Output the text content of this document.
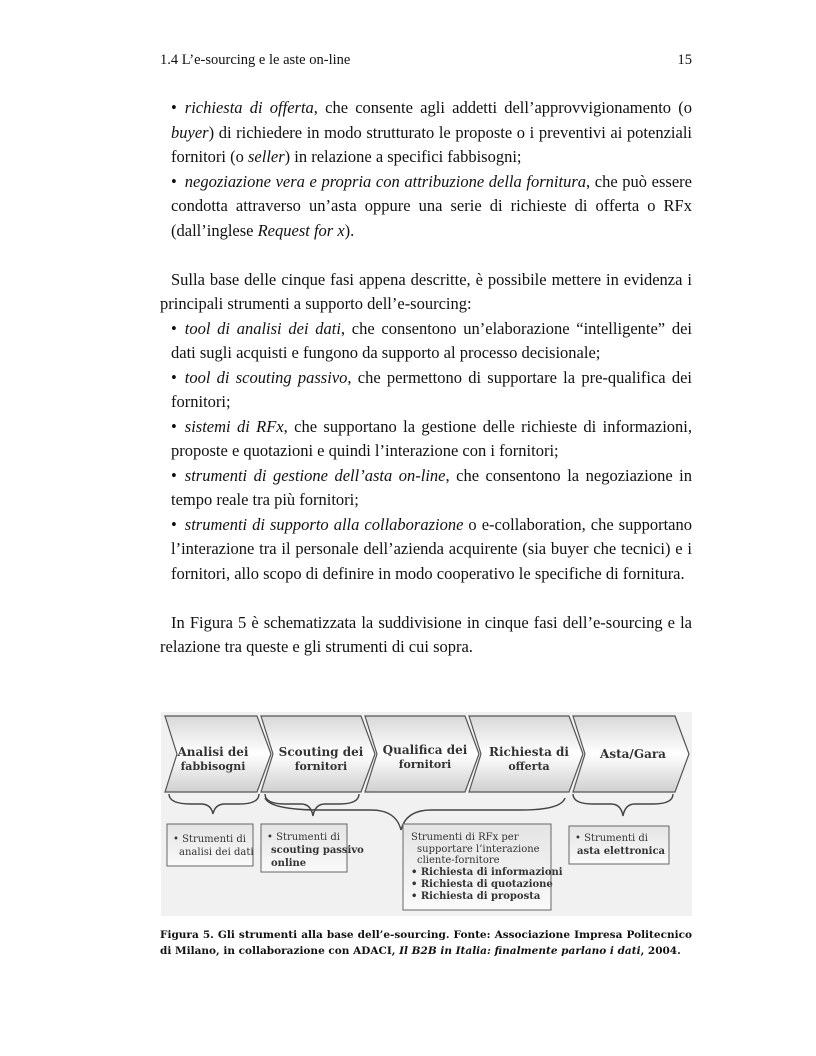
1.4 L’e-sourcing e le aste on-line	15
• richiesta di offerta, che consente agli addetti dell’approvvigionamento (o buyer) di richiedere in modo strutturato le proposte o i preventivi ai potenziali fornitori (o seller) in relazione a specifici fabbisogni;
• negoziazione vera e propria con attribuzione della fornitura, che può essere condotta attraverso un’asta oppure una serie di richieste di offerta o RFx (dall’inglese Request for x).
Sulla base delle cinque fasi appena descritte, è possibile mettere in evidenza i principali strumenti a supporto dell’e-sourcing:
• tool di analisi dei dati, che consentono un’elaborazione “intelligente” dei dati sugli acquisti e fungono da supporto al processo decisionale;
• tool di scouting passivo, che permettono di supportare la pre-qualifica dei fornitori;
• sistemi di RFx, che supportano la gestione delle richieste di informazioni, proposte e quotazioni e quindi l’interazione con i fornitori;
• strumenti di gestione dell’asta on-line, che consentono la negoziazione in tempo reale tra più fornitori;
• strumenti di supporto alla collaborazione o e-collaboration, che supportano l’interazione tra il personale dell’azienda acquirente (sia buyer che tecnici) e i fornitori, allo scopo di definire in modo cooperativo le specifiche di fornitura.
In Figura 5 è schematizzata la suddivisione in cinque fasi dell’e-sourcing e la relazione tra queste e gli strumenti di cui sopra.
Analisi dei
fabbisogni
Scouting dei
fornitori
Qualifica dei
fornitori
Richiesta di
offerta
Asta/Gara
• Strumenti di
analisi dei dati
• Strumenti di
scouting passivo
online
Strumenti di RFx per
supportare l’interazione
cliente-fornitore
• Richiesta di informazioni
• Richiesta di quotazione
• Richiesta di proposta
• Strumenti di
asta elettronica
Figura 5. Gli strumenti alla base dell’e-sourcing. Fonte: Associazione Impresa Politecnico di Milano, in collaborazione con ADACI, Il B2B in Italia: finalmente parlano i dati, 2004.
